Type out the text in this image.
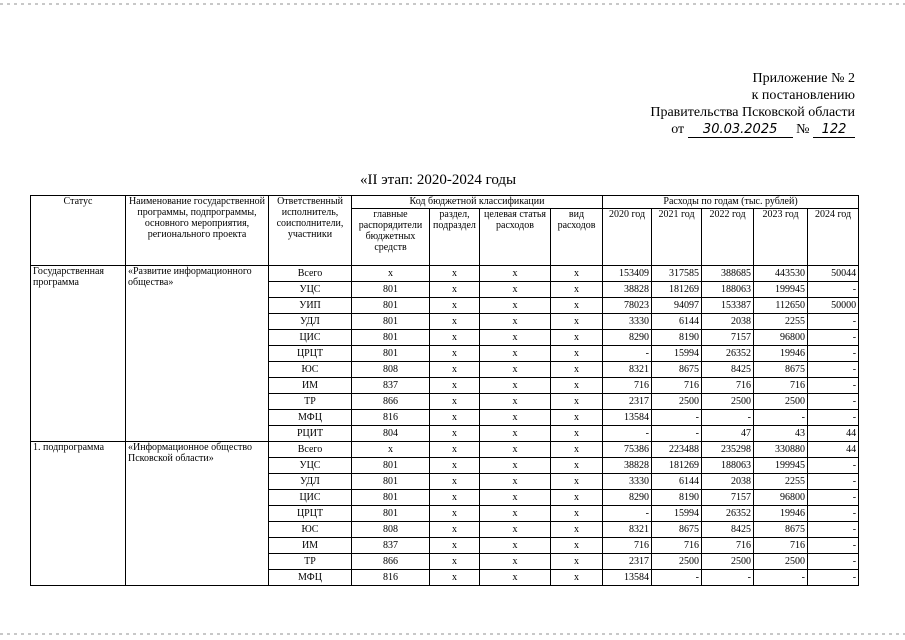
Приложение № 2
к постановлению
Правительства Псковской области
от 30.03.2025 № 122
«II этап: 2020-2024 годы
Статус	Наименование государственной программы, подпрограммы, основного мероприятия, регионального проекта	Ответственный исполнитель, соисполнители, участники	Код бюджетной классификации				Расходы по годам (тыс. рублей)				
			главные распорядители бюджетных средств	раздел, подраздел	целевая статья расходов	вид расходов	2020 год	2021 год	2022 год	2023 год	2024 год
Государственная программа	«Развитие информационного общества»	Всего	х	х	х	х	153409	317585	388685	443530	50044
		УЦС	801	х	х	х	38828	181269	188063	199945	-
		УИП	801	х	х	х	78023	94097	153387	112650	50000
		УДЛ	801	х	х	х	3330	6144	2038	2255	-
		ЦИС	801	х	х	х	8290	8190	7157	96800	-
		ЦРЦТ	801	х	х	х	-	15994	26352	19946	-
		ЮС	808	х	х	х	8321	8675	8425	8675	-
		ИМ	837	х	х	х	716	716	716	716	-
		ТР	866	х	х	х	2317	2500	2500	2500	-
		МФЦ	816	х	х	х	13584	-	-	-	-
		РЦИТ	804	х	х	х	-	-	47	43	44
1. подпрограмма	«Информационное общество Псковской области»	Всего	х	х	х	х	75386	223488	235298	330880	44
		УЦС	801	х	х	х	38828	181269	188063	199945	-
		УДЛ	801	х	х	х	3330	6144	2038	2255	-
		ЦИС	801	х	х	х	8290	8190	7157	96800	-
		ЦРЦТ	801	х	х	х	-	15994	26352	19946	-
		ЮС	808	х	х	х	8321	8675	8425	8675	-
		ИМ	837	х	х	х	716	716	716	716	-
		ТР	866	х	х	х	2317	2500	2500	2500	-
		МФЦ	816	х	х	х	13584	-	-	-	-
